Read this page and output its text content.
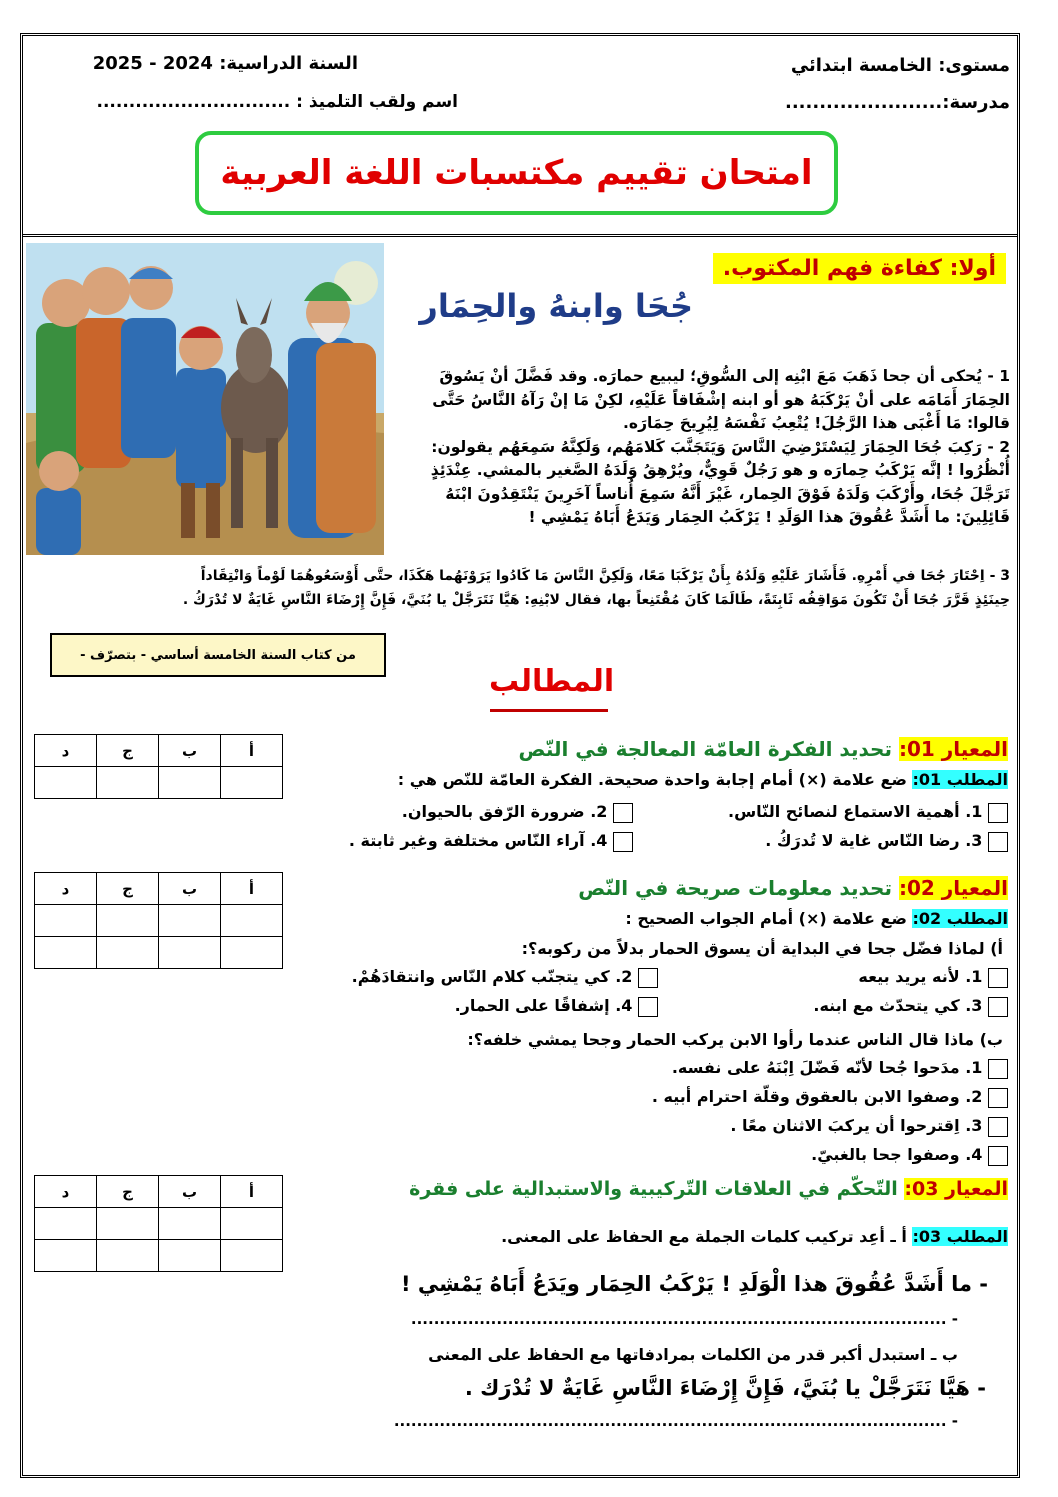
مستوى: الخامسة ابتدائي
مدرسة:.......................
السنة الدراسية: 2024 - 2025
اسم ولقب التلميذ : ..............................
امتحان تقييم مكتسبات اللغة العربية
أولا: كفاءة فهم المكتوب.
جُحَا وابنهُ والحِمَار
1 - يُحكى أن جحا ذَهَبَ مَعَ ابْنِه إلى السُّوقِ؛ ليبيع حمارَه. وقد فَضَّلَ أنْ يَسُوقَ
الحِمَارَ أَمَامَه على أنْ يَرْكَبَهُ هو أو ابنه إشْفَاقاً عَلَيْهِ، لكِنْ مَا إنْ رَآهُ النَّاسُ حَتَّى
قالوا: مَا أَغْبَى هذا الرَّجُلَ! يُتْعِبُ نَفْسَهُ لِيُرِيحَ حِمَارَه.
2 - رَكِبَ جُحَا الحِمَارَ لِيَسْتَرْضِيَ النَّاسَ وَيَتَجَنَّبَ كَلامَهُم، وَلَكِنَّهُ سَمِعَهُم يقولون:
أُنْظُرُوا ! إنَّه يَرْكَبُ حِمارَه و هو رَجُلٌ قَوِيٌّ، ويُرْهِقُ وَلَدَهُ الصَّغير بالمشي. عِنْدَئِذٍ
تَرَجَّلَ جُحَا، وأَرْكَبَ وَلَدَهُ فَوْقَ الحِمار، غَيْرَ أَنَّهُ سَمِعَ أُناساً آخَرِينَ يَنْتَقِدُونَ ابْنَهُ
قَائِلِينَ: ما أَشَدَّ عُقُوقَ هذا الوَلَدِ ! يَرْكَبُ الحِمَار وَيَدَعُ أَبَاهُ يَمْشِي !
3 - اِحْتَارَ جُحَا في أَمْرِهِ. فَأَشَارَ عَلَيْهِ وَلَدُهُ بِأَنْ يَرْكَبَا مَعًا، وَلَكِنَّ النَّاسَ مَا كَادُوا يَرَوْنَهُما هَكَذَا، حتَّى أَوْسَعُوهُمَا لَوْماً وَانْتِقَاداً
حِينَئِذٍ قَرَّرَ جُحَا أَنْ تَكُونَ مَوَاقِفُه ثَابِتَةً، طَالَمَا كَانَ مُقْتَنِعاً بها، فقال لابْنِهِ: هَيَّا نَتَرَجَّلْ يا بُنَيَّ، فَإِنَّ إِرْضَاءَ النَّاسِ غَايَةٌ لا تُدْرَكُ .
من كتاب السنة الخامسة أساسي - بتصرّف -
المطالب
د	ج	ب	أ
				المعيار 01: تحديد الفكرة العامّة المعالجة في النّص
المطلب 01: ضع علامة (×) أمام إجابة واحدة صحيحة. الفكرة العامّة للنّص هي :
1. أهمية الاستماع لنصائح النّاس.
2. ضرورة الرّفق بالحيوان.
3. رضا النّاس غاية لا تُدرَكُ .
4. آراء النّاس مختلفة وغير ثابتة .
د	ج	ب	أ

				المعيار 02: تحديد معلومات صريحة في النّص
المطلب 02: ضع علامة (×) أمام الجواب الصحيح :
أ) لماذا فضّل جحا في البداية أن يسوق الحمار بدلاً من ركوبه؟:
1. لأنه يريد بيعه
2. كي يتجنّب كلام النّاس وانتقادَهُمْ.
3. كي يتحدّث مع ابنه.
4. إشفاقًا على الحمار.
ب) ماذا قال الناس عندما رأوا الابن يركب الحمار وجحا يمشي خلفه؟:
1. مدَحوا جُحا لأنّه فَضّلَ اِبْنَهُ على نفسه.
2. وصفوا الابن بالعقوق وقلّة احترام أبيه .
3. اِقترحوا أن يركبَ الاثنان معًا .
4. وصفوا جحا بالغبيّ.
د	ج	ب	أ

				المعيار 03: التّحكّم في العلاقات التّركيبية والاستبدالية على فقرة
المطلب 03: أ ـ أعِد تركيب كلمات الجملة مع الحفاظ على المعنى.
- ما أَشَدَّ عُقُوقَ هذا الْوَلَدِ ! يَرْكَبُ الحِمَار ويَدَعُ أَبَاهُ يَمْشِي !
- ..............................................................................................
ب ـ استبدل أكبر قدر من الكلمات بمرادفاتها مع الحفاظ على المعنى
- هَيَّا نَتَرَجَّلْ يا بُنَيَّ، فَإِنَّ إِرْضَاءَ النَّاسِ غَايَةٌ لا تُدْرَك .
- .................................................................................................
